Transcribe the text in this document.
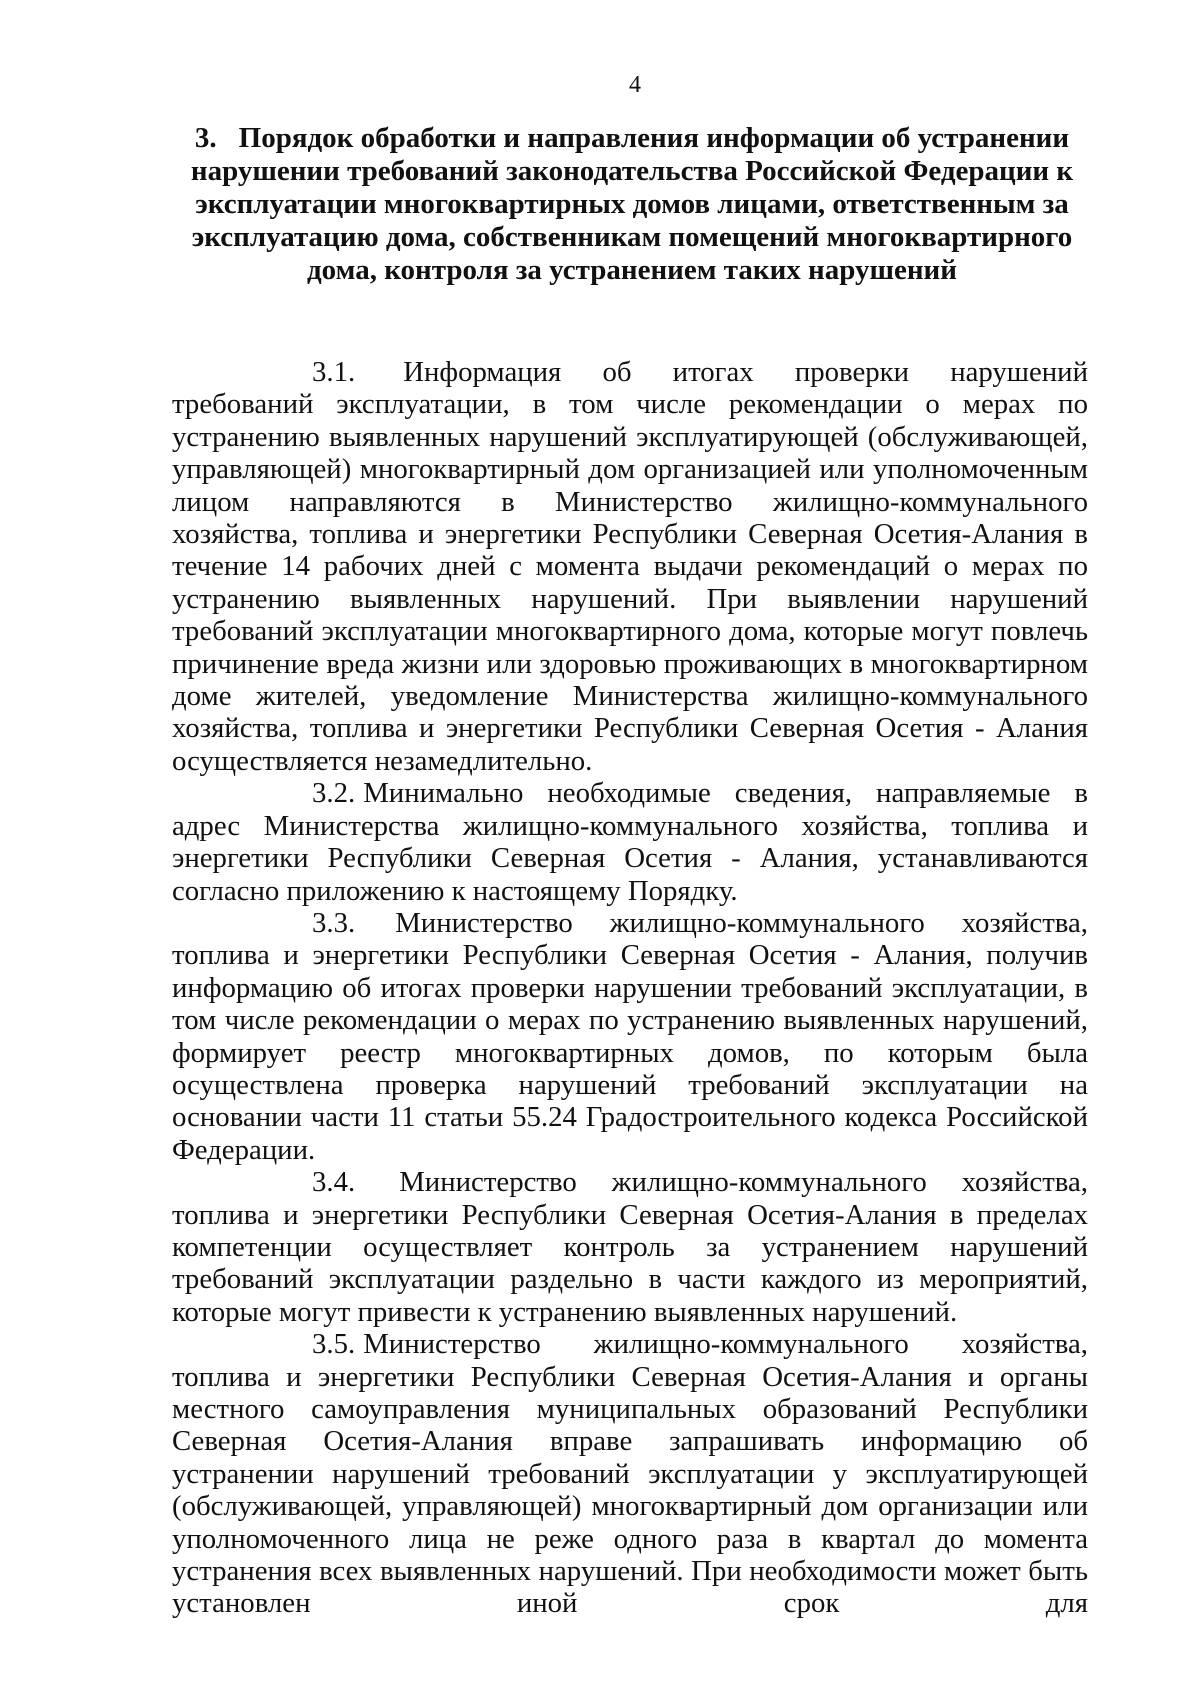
4
3. Порядок обработки и направления информации об устранении нарушении требований законодательства Российской Федерации к эксплуатации многоквартирных домов лицами, ответственным за эксплуатацию дома, собственникам помещений многоквартирного дома, контроля за устранением таких нарушений

3.1. Информация об итогах проверки нарушений требований эксплуатации, в том числе рекомендации о мерах по устранению выявленных нарушений эксплуатирующей (обслуживающей, управляющей) многоквартирный дом организацией или уполномоченным лицом направляются в Министерство жилищно-коммунального хозяйства, топлива и энергетики Республики Северная Осетия-Алания в течение 14 рабочих дней с момента выдачи рекомендаций о мерах по устранению выявленных нарушений. При выявлении нарушений требований эксплуатации многоквартирного дома, которые могут повлечь причинение вреда жизни или здоровью проживающих в многоквартирном доме жителей, уведомление Министерства жилищно-коммунального хозяйства, топлива и энергетики Республики Северная Осетия - Алания осуществляется незамедлительно.

3.2. Минимально необходимые сведения, направляемые в адрес Министерства жилищно-коммунального хозяйства, топлива и энергетики Республики Северная Осетия - Алания, устанавливаются согласно приложению к настоящему Порядку.

3.3. Министерство жилищно-коммунального хозяйства, топлива и энергетики Республики Северная Осетия - Алания, получив информацию об итогах проверки нарушении требований эксплуатации, в том числе рекомендации о мерах по устранению выявленных нарушений, формирует реестр многоквартирных домов, по которым была осуществлена проверка нарушений требований эксплуатации на основании части 11 статьи 55.24 Градостроительного кодекса Российской Федерации.

3.4. Министерство жилищно-коммунального хозяйства, топлива и энергетики Республики Северная Осетия-Алания в пределах компетенции осуществляет контроль за устранением нарушений требований эксплуатации раздельно в части каждого из мероприятий, которые могут привести к устранению выявленных нарушений.

3.5. Министерство жилищно-коммунального хозяйства, топлива и энергетики Республики Северная Осетия-Алания и органы местного самоуправления муниципальных образований Республики Северная Осетия-Алания вправе запрашивать информацию об устранении нарушений требований эксплуатации у эксплуатирующей (обслуживающей, управляющей) многоквартирный дом организации или уполномоченного лица не реже одного раза в квартал до момента устранения всех выявленных нарушений. При необходимости может быть установлен иной срок для
